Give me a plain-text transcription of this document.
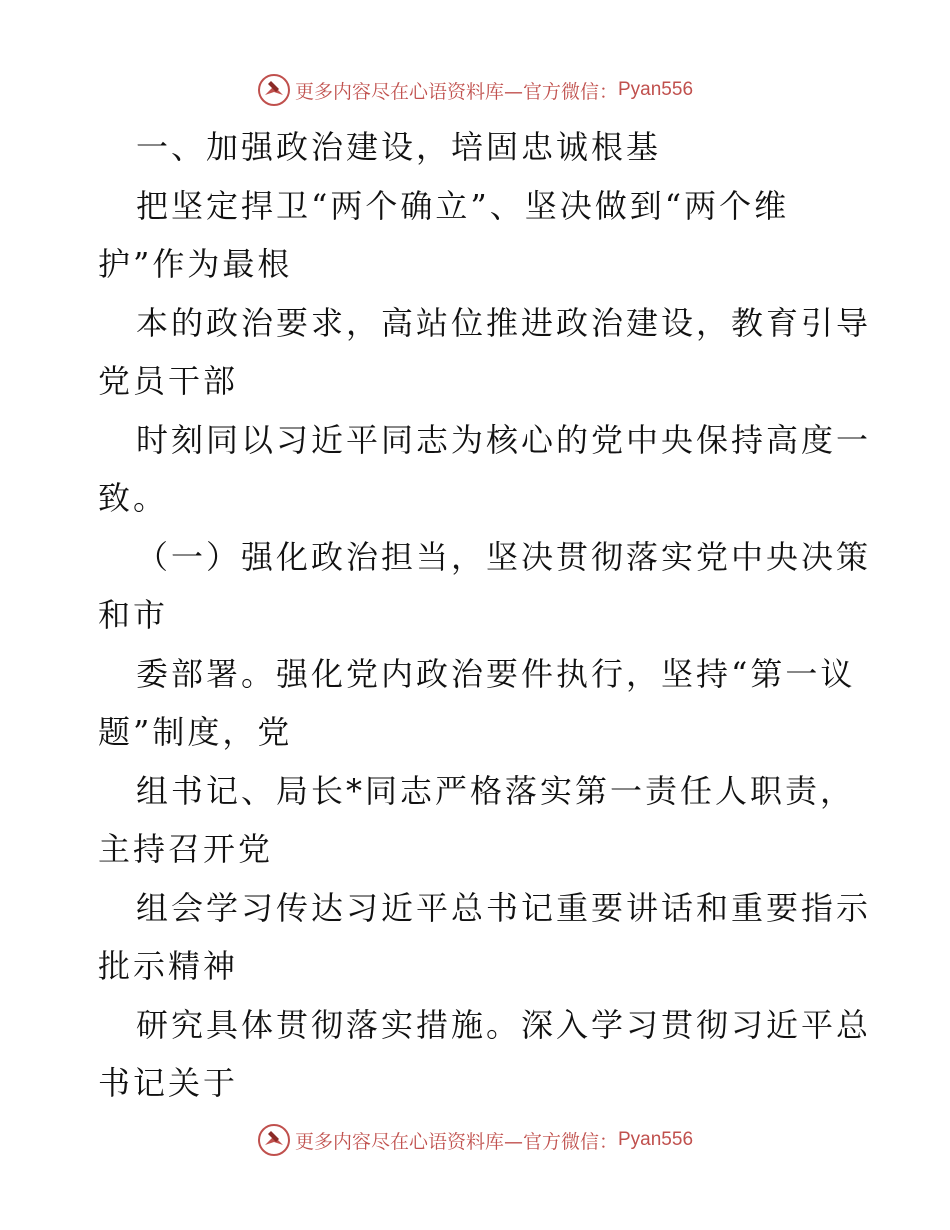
更多内容尽在心语资料库—官方微信： Pyan556

一、加强政治建设，培固忠诚根基

把坚定捍卫“两个确立”、坚决做到“两个维

护”作为最根

本的政治要求，高站位推进政治建设，教育引导

党员干部

时刻同以习近平同志为核心的党中央保持高度一

致。

（一）强化政治担当，坚决贯彻落实党中央决策

和市

委部署。强化党内政治要件执行，坚持“第一议

题”制度，党

组书记、局长*同志严格落实第一责任人职责，

主持召开党

组会学习传达习近平总书记重要讲话和重要指示

批示精神

研究具体贯彻落实措施。深入学习贯彻习近平总

书记关于

更多内容尽在心语资料库—官方微信： Pyan556
